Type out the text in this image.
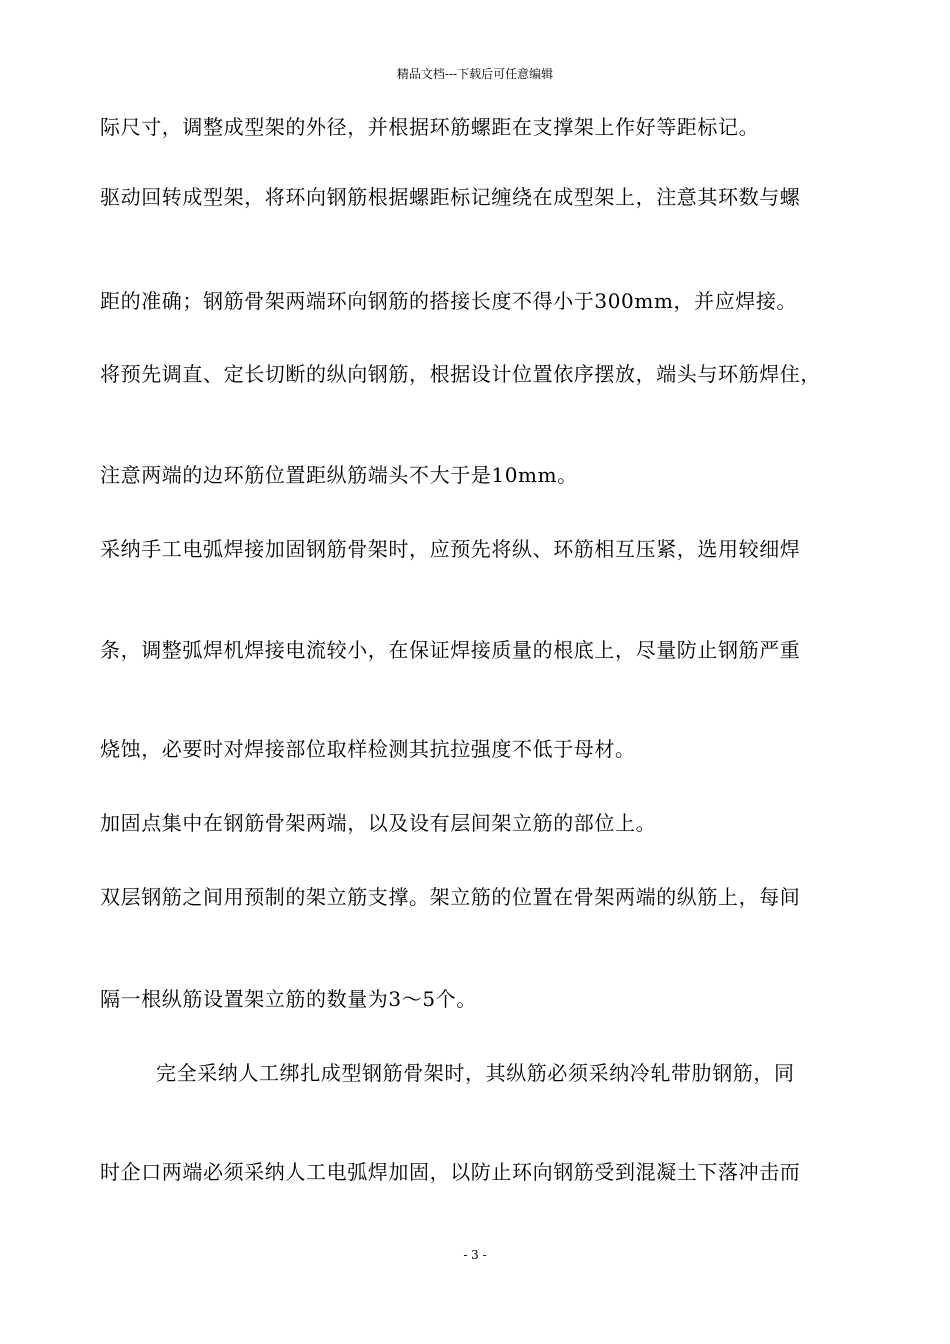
精品文档---下载后可任意编辑
际尺寸，调整成型架的外径，并根据环筋螺距在支撑架上作好等距标记。
驱动回转成型架，将环向钢筋根据螺距标记缠绕在成型架上，注意其环数与螺
距的准确；钢筋骨架两端环向钢筋的搭接长度不得小于300mm，并应焊接。
将预先调直、定长切断的纵向钢筋，根据设计位置依序摆放，端头与环筋焊住，
注意两端的边环筋位置距纵筋端头不大于是10mm。
采纳手工电弧焊接加固钢筋骨架时，应预先将纵、环筋相互压紧，选用较细焊
条，调整弧焊机焊接电流较小，在保证焊接质量的根底上，尽量防止钢筋严重
烧蚀，必要时对焊接部位取样检测其抗拉强度不低于母材。
加固点集中在钢筋骨架两端，以及设有层间架立筋的部位上。
双层钢筋之间用预制的架立筋支撑。架立筋的位置在骨架两端的纵筋上，每间
隔一根纵筋设置架立筋的数量为3～5个。
完全采纳人工绑扎成型钢筋骨架时，其纵筋必须采纳冷轧带肋钢筋，同
时企口两端必须采纳人工电弧焊加固，以防止环向钢筋受到混凝土下落冲击而
- 3 -
